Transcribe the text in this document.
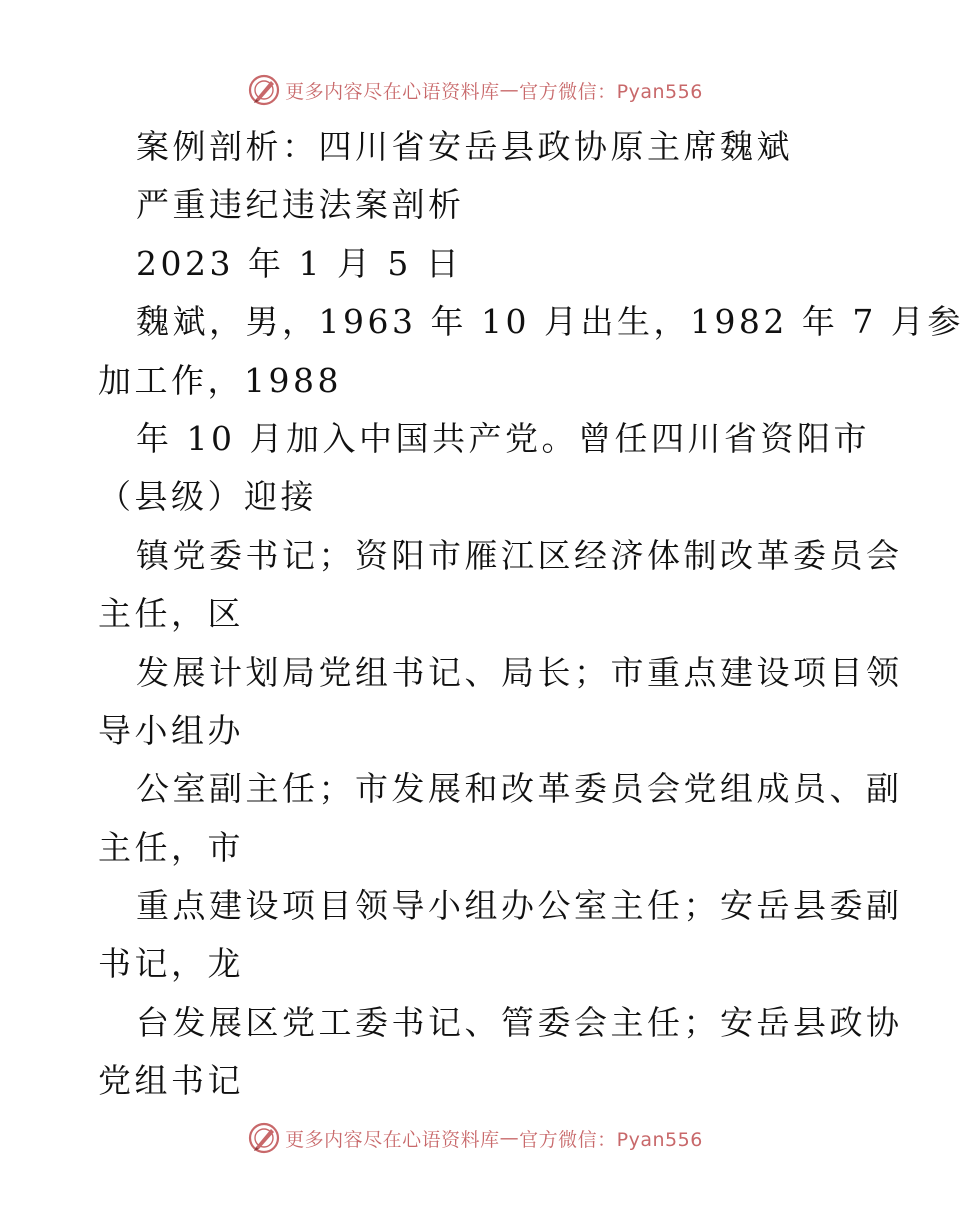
更多内容尽在心语资料库 — 官方微信：Pyan556
案例剖析：四川省安岳县政协原主席魏斌
严重违纪违法案剖析
2023 年 1 月 5 日
魏斌，男，1963 年 10 月出生，1982 年 7 月参
加工作，1988
年 10 月加入中国共产党。曾任四川省资阳市
（县级）迎接
镇党委书记；资阳市雁江区经济体制改革委员会
主任，区
发展计划局党组书记、局长；市重点建设项目领
导小组办
公室副主任；市发展和改革委员会党组成员、副
主任，市
重点建设项目领导小组办公室主任；安岳县委副
书记，龙
台发展区党工委书记、管委会主任；安岳县政协
党组书记
更多内容尽在心语资料库 — 官方微信：Pyan556
